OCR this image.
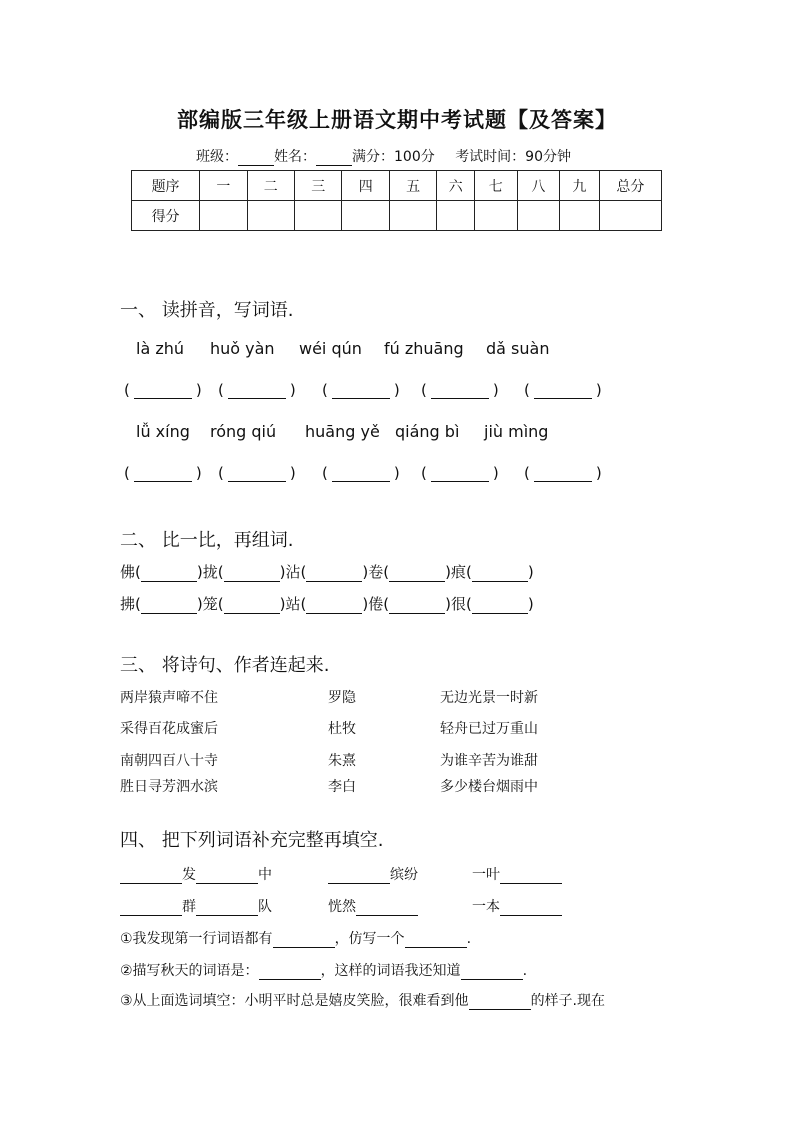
部编版三年级上册语文期中考试题【及答案】
班级：	姓名：	满分：100分 考试时间：90分钟
题序	一	二	三	四	五	六	七	八	九	总分
得分										
一、 读拼音，写词语.
là zhú huǒ yàn wéi qún fú zhuāng dǎ suàn
(	) (	) (	) (	) (	)
lǚ xíng róng qiú huāng yě qiáng bì jiù mìng
(	) (	) (	) (	) (	)
二、 比一比，再组词.
佛(	)拢(	)沾(	)卷(	)痕(	)
拂(	)笼(	)站(	)倦(	)很(	)
三、 将诗句、作者连起来.
两岸猿声啼不住	罗隐	无边光景一时新
采得百花成蜜后	杜牧	轻舟已过万重山
南朝四百八十寺	朱熹	为谁辛苦为谁甜
胜日寻芳泗水滨	李白	多少楼台烟雨中
四、 把下列词语补充完整再填空.
发	中	缤纷	一叶
群	队	恍然	一本
①我发现第一行词语都有	，仿写一个	.
②描写秋天的词语是：	，这样的词语我还知道	.
③从上面选词填空：小明平时总是嬉皮笑脸，很难看到他	的样子.现在
